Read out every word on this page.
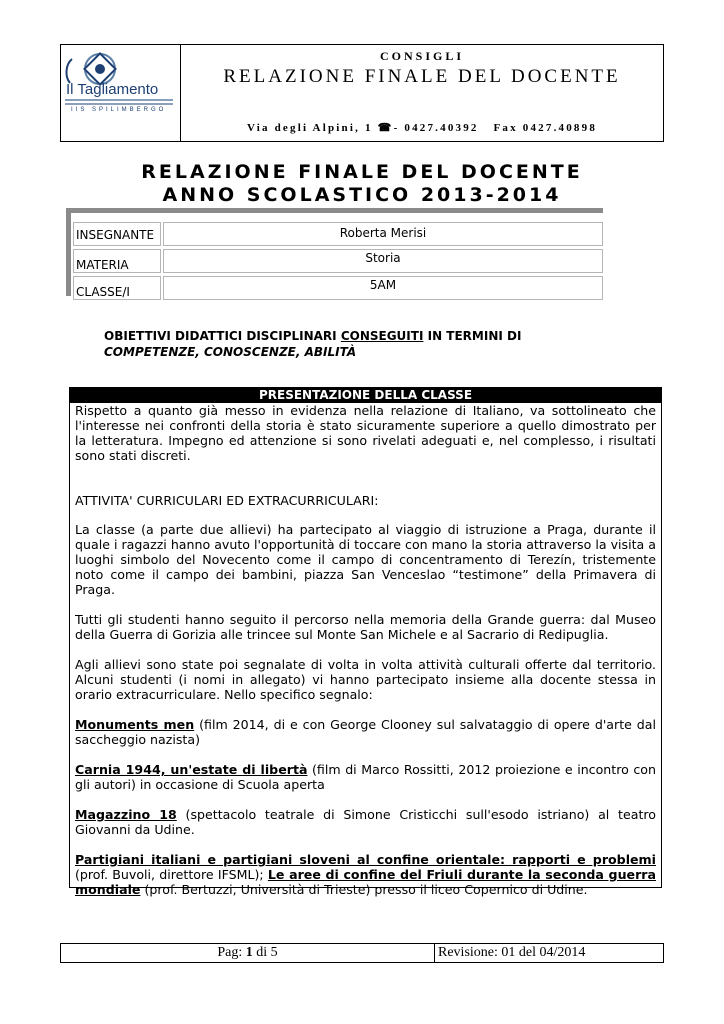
Il Tagliamento
IIS SPILIMBERGO
CONSIGLI
RELAZIONE FINALE DEL DOCENTE
Via degli Alpini, 1 ☎- 0427.40392 Fax 0427.40898
RELAZIONE FINALE DEL DOCENTE
ANNO SCOLASTICO 2013-2014
INSEGNANTE	Roberta Merisi
MATERIA	Storia
CLASSE/I	5AM
OBIETTIVI DIDATTICI DISCIPLINARI CONSEGUITI IN TERMINI DI
COMPETENZE, CONOSCENZE, ABILITÀ
PRESENTAZIONE DELLA CLASSE

Rispetto a quanto già messo in evidenza nella relazione di Italiano, va sottolineato che l'interesse nei confronti della storia è stato sicuramente superiore a quello dimostrato per la letteratura. Impegno ed attenzione si sono rivelati adeguati e, nel complesso, i risultati sono stati discreti.

ATTIVITA' CURRICULARI ED EXTRACURRICULARI:

La classe (a parte due allievi) ha partecipato al viaggio di istruzione a Praga, durante il quale i ragazzi hanno avuto l'opportunità di toccare con mano la storia attraverso la visita a luoghi simbolo del Novecento come il campo di concentramento di Terezín, tristemente noto come il campo dei bambini, piazza San Venceslao “testimone” della Primavera di Praga.

Tutti gli studenti hanno seguito il percorso nella memoria della Grande guerra: dal Museo della Guerra di Gorizia alle trincee sul Monte San Michele e al Sacrario di Redipuglia.

Agli allievi sono state poi segnalate di volta in volta attività culturali offerte dal territorio. Alcuni studenti (i nomi in allegato) vi hanno partecipato insieme alla docente stessa in orario extracurriculare. Nello specifico segnalo:

Monuments men (film 2014, di e con George Clooney sul salvataggio di opere d'arte dal saccheggio nazista)

Carnia 1944, un'estate di libertà (film di Marco Rossitti, 2012 proiezione e incontro con gli autori) in occasione di Scuola aperta

Magazzino 18 (spettacolo teatrale di Simone Cristicchi sull'esodo istriano) al teatro Giovanni da Udine.

Partigiani italiani e partigiani sloveni al confine orientale: rapporti e problemi (prof. Buvoli, direttore IFSML); Le aree di confine del Friuli durante la seconda guerra mondiale (prof. Bertuzzi, Università di Trieste) presso il liceo Copernico di Udine.

Pag: 1 di 5	Revisione: 01 del 04/2014
